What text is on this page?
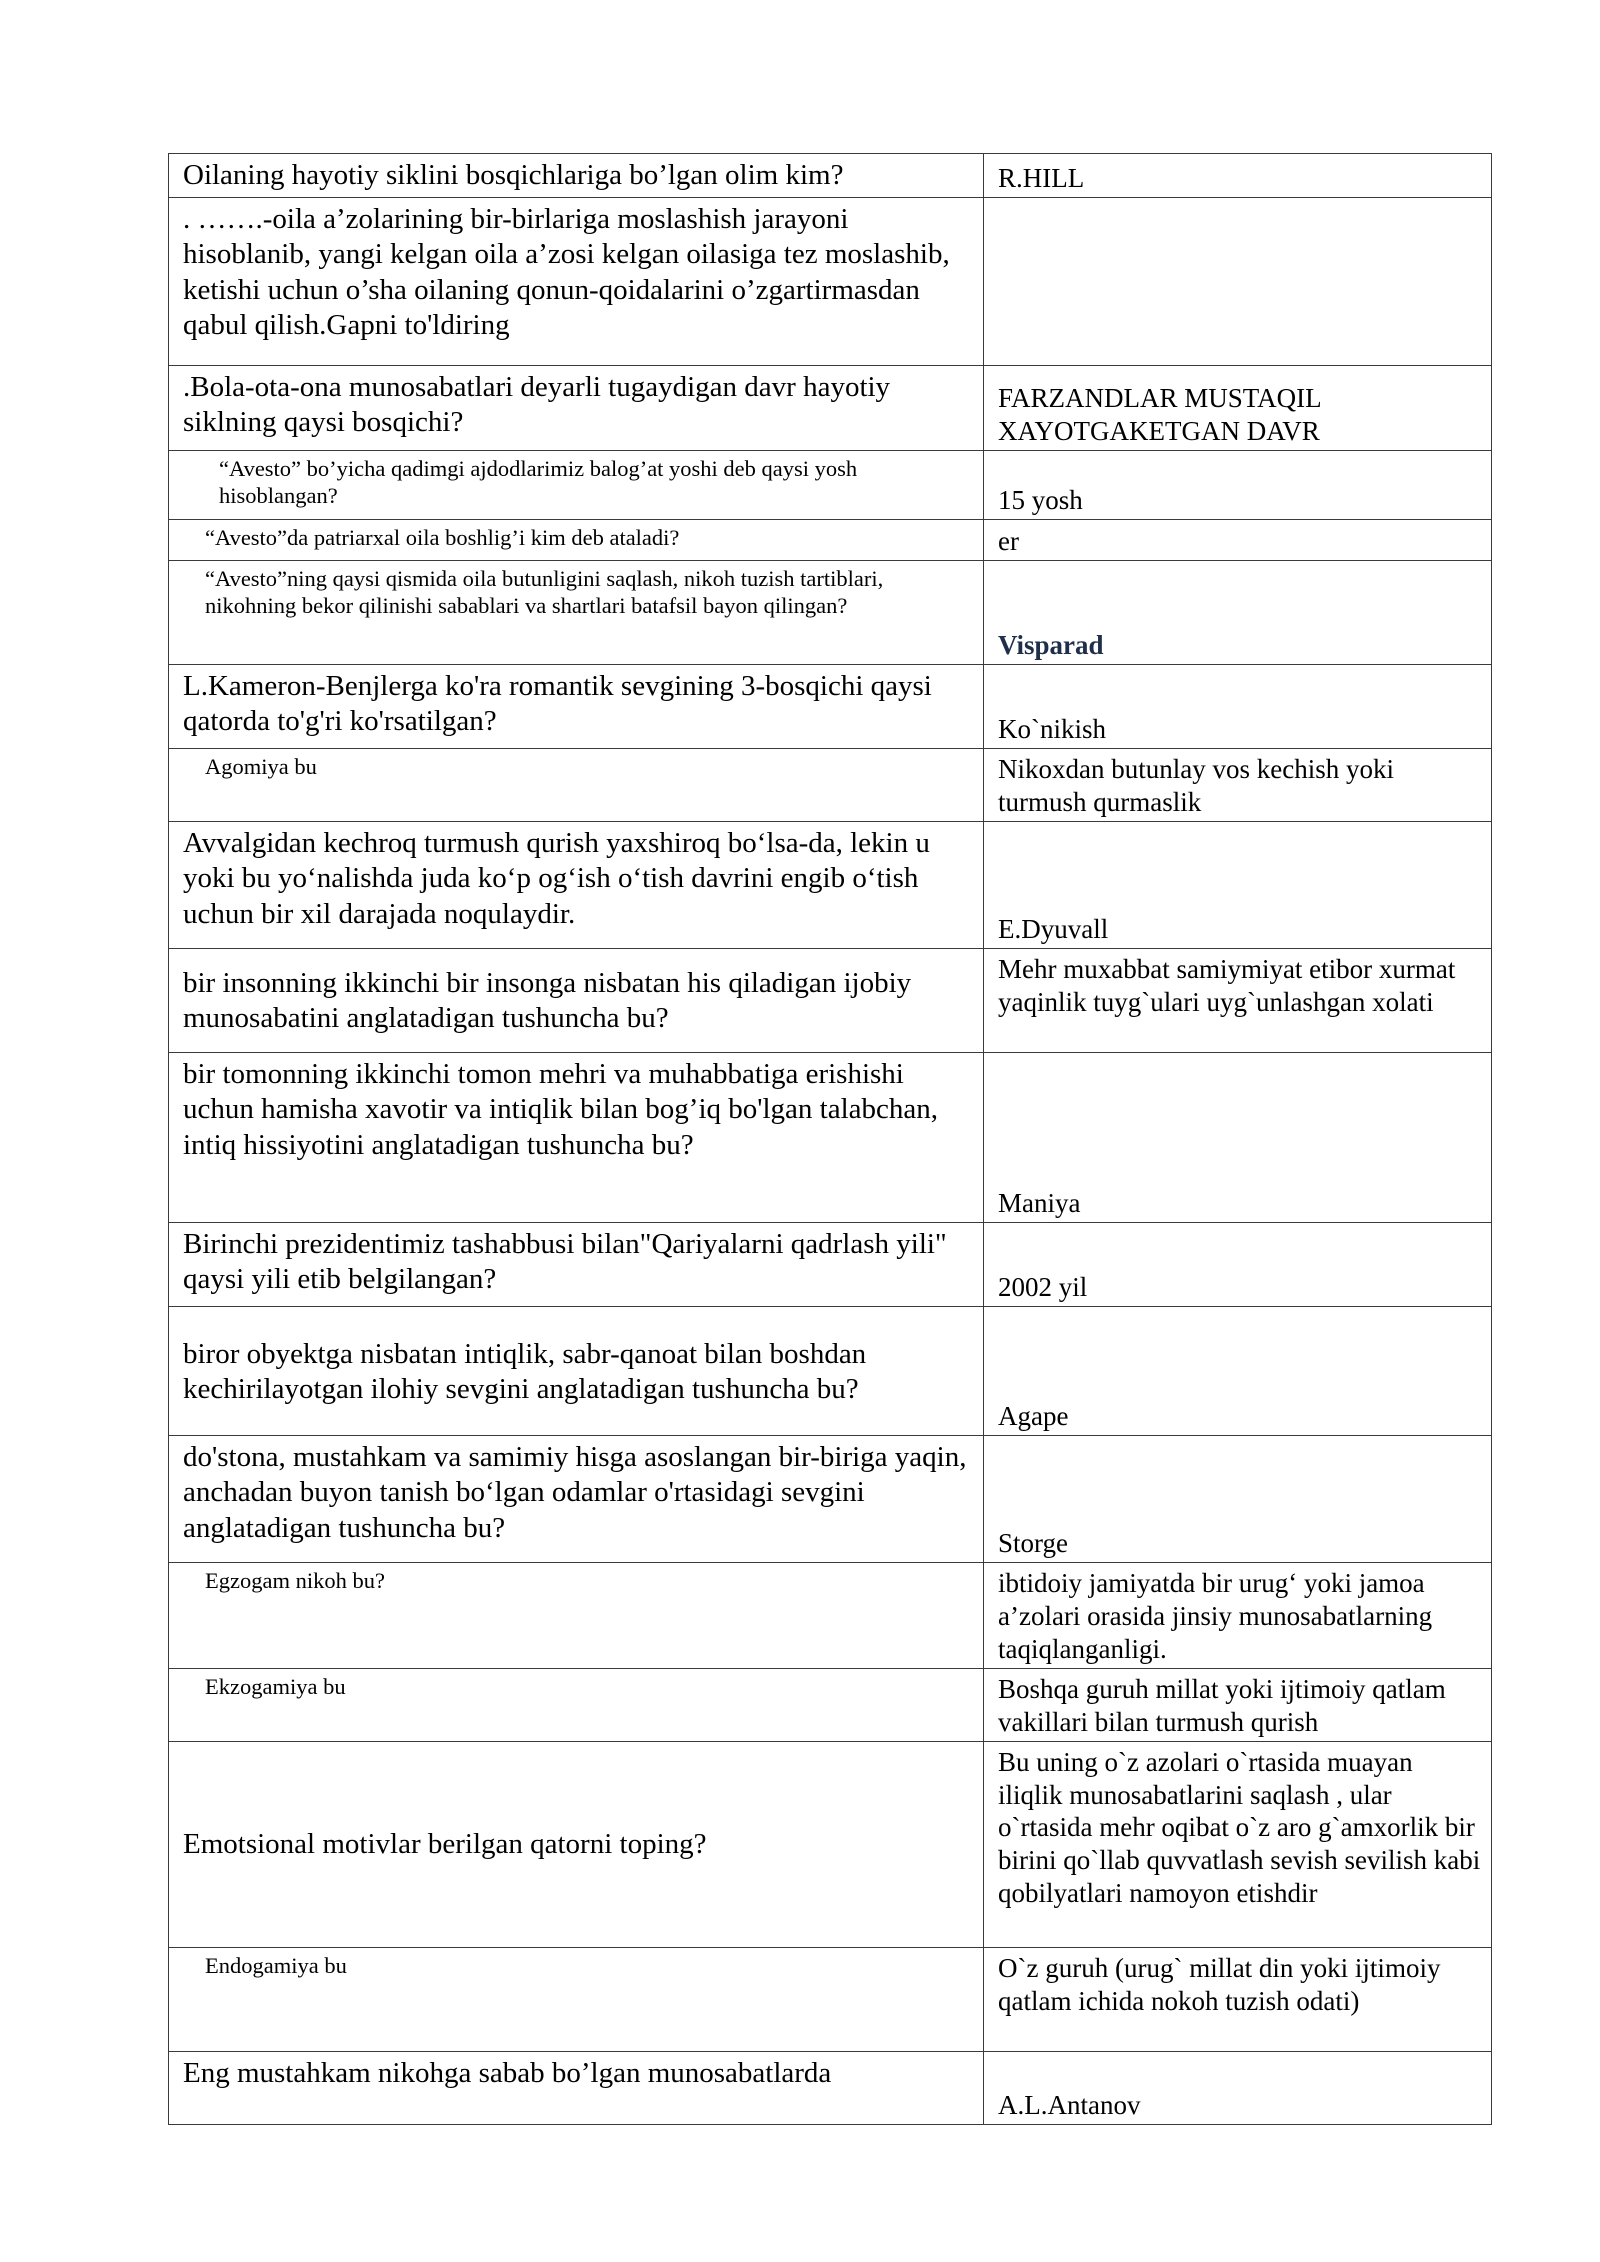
Oilaning hayotiy siklini bosqichlariga bo’lgan olim kim?	R.HILL
. …….-oila a’zolarining bir-birlariga moslashish jarayoni hisoblanib, yangi kelgan oila a’zosi kelgan oilasiga tez moslashib, ketishi uchun o’sha oilaning qonun-qoidalarini o’zgartirmasdan qabul qilish.Gapni to'ldiring	
.Bola-ota-ona munosabatlari deyarli tugaydigan davr hayotiy siklning qaysi bosqichi?	FARZANDLAR MUSTAQIL XAYOTGAKETGAN DAVR
“Avesto” bo’yicha qadimgi ajdodlarimiz balog’at yoshi deb qaysi yosh hisoblangan?	15 yosh
“Avesto”da patriarxal oila boshlig’i kim deb ataladi?	er
“Avesto”ning qaysi qismida oila butunligini saqlash, nikoh tuzish tartiblari, nikohning bekor qilinishi sabablari va shartlari batafsil bayon qilingan?	Visparad
L.Kameron-Benjlerga ko'ra romantik sevgining 3-bosqichi qaysi qatorda to'g'ri ko'rsatilgan?	Ko`nikish
Agomiya bu	Nikoxdan butunlay vos kechish yoki turmush qurmaslik
Avvalgidan kechroq turmush qurish yaxshiroq bo‘lsa-da, lekin u yoki bu yo‘nalishda juda ko‘p og‘ish o‘tish davrini engib o‘tish uchun bir xil darajada noqulaydir.	E.Dyuvall
bir insonning ikkinchi bir insonga nisbatan his qiladigan ijobiy munosabatini anglatadigan tushuncha bu?	Mehr muxabbat samiymiyat etibor xurmat yaqinlik tuyg`ulari uyg`unlashgan xolati
bir tomonning ikkinchi tomon mehri va muhabbatiga erishishi uchun hamisha xavotir va intiqlik bilan bog’iq bo'lgan talabchan, intiq hissiyotini anglatadigan tushuncha bu?	Maniya
Birinchi prezidentimiz tashabbusi bilan"Qariyalarni qadrlash yili" qaysi yili etib belgilangan?	2002 yil
biror obyektga nisbatan intiqlik, sabr-qanoat bilan boshdan kechirilayotgan ilohiy sevgini anglatadigan tushuncha bu?	Agape
do'stona, mustahkam va samimiy hisga asoslangan bir-biriga yaqin, anchadan buyon tanish bo‘lgan odamlar o'rtasidagi sevgini anglatadigan tushuncha bu?	Storge
Egzogam nikoh bu?	ibtidoiy jamiyatda bir urug‘ yoki jamoa a’zolari orasida jinsiy munosabatlarning taqiqlanganligi.
Ekzogamiya bu	Boshqa guruh millat yoki ijtimoiy qatlam vakillari bilan turmush qurish
Emotsional motivlar berilgan qatorni toping?	Bu uning o`z azolari o`rtasida muayan iliqlik munosabatlarini saqlash , ular o`rtasida mehr oqibat o`z aro g`amxorlik bir birini qo`llab quvvatlash sevish sevilish kabi qobilyatlari namoyon etishdir
Endogamiya bu	O`z guruh (urug` millat din yoki ijtimoiy qatlam ichida nokoh tuzish odati)
Eng mustahkam nikohga sabab bo’lgan munosabatlarda	A.L.Antanov
